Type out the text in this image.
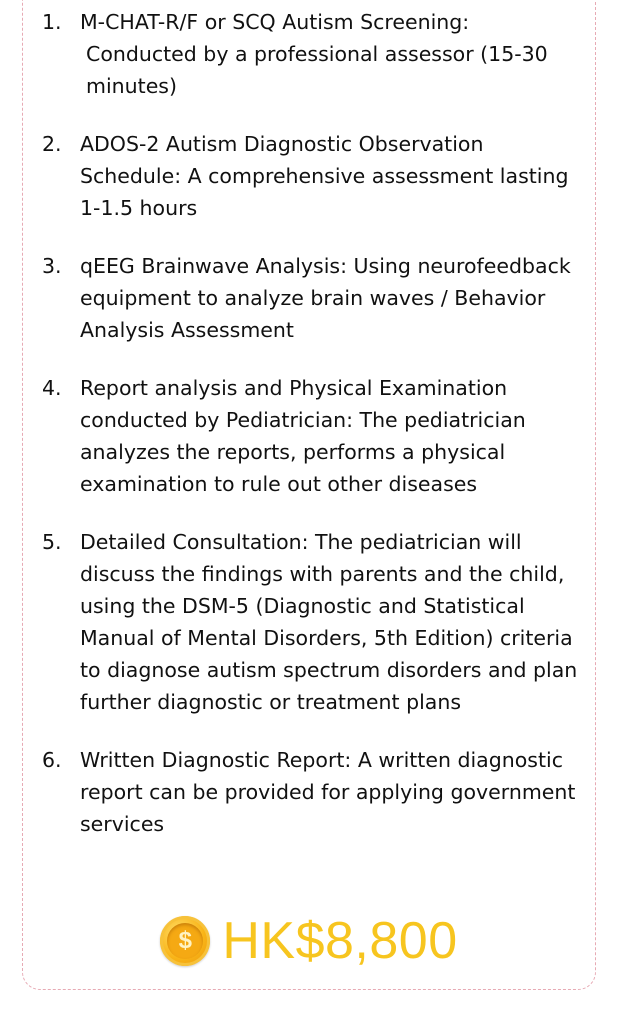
1. M-CHAT-R/F or SCQ Autism Screening:
Conducted by a professional assessor (15-30 minutes)
2. ADOS-2 Autism Diagnostic Observation Schedule: A comprehensive assessment lasting 1-1.5 hours
3. qEEG Brainwave Analysis: Using neurofeedback equipment to analyze brain waves / Behavior Analysis Assessment
4. Report analysis and Physical Examination conducted by Pediatrician: The pediatrician analyzes the reports, performs a physical examination to rule out other diseases
5. Detailed Consultation: The pediatrician will discuss the findings with parents and the child, using the DSM-5 (Diagnostic and Statistical Manual of Mental Disorders, 5th Edition) criteria to diagnose autism spectrum disorders and plan further diagnostic or treatment plans
6. Written Diagnostic Report: A written diagnostic report can be provided for applying government services
$ HK$8,800
